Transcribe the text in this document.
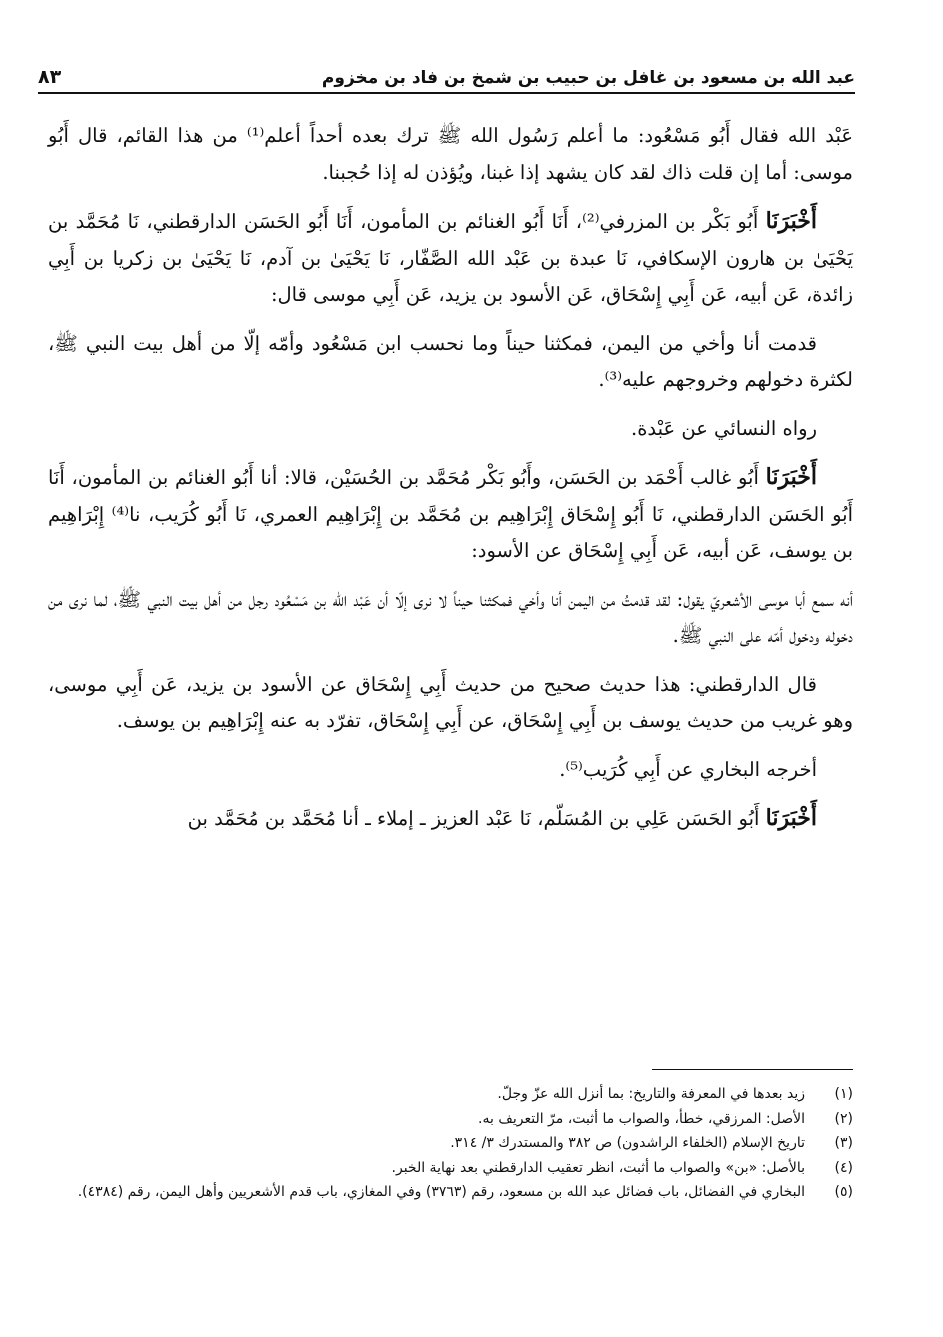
عبد الله بن مسعود بن غافل بن حبيب بن شمخ بن فاد بن مخزوم
٨٣

عَبْد الله فقال أَبُو مَسْعُود: ما أعلم رَسُول الله ﷺ ترك بعده أحداً أعلم⁽¹⁾ من هذا القائم، قال أَبُو موسى: أما إن قلت ذاك لقد كان يشهد إذا غبنا، ويُؤذن له إذا حُجبنا.

أَخْبَرَنَا أَبُو بَكْر بن المزرفي⁽²⁾، أَنَا أَبُو الغنائم بن المأمون، أَنَا أَبُو الحَسَن الدارقطني، نَا مُحَمَّد بن يَحْيَىٰ بن هارون الإسكافي، نَا عبدة بن عَبْد الله الصَّفّار، نَا يَحْيَىٰ بن آدم، نَا يَحْيَىٰ بن زكريا بن أَبِي زائدة، عَن أبيه، عَن أَبِي إِسْحَاق، عَن الأسود بن يزيد، عَن أَبِي موسى قال:

قدمت أنا وأخي من اليمن، فمكثنا حيناً وما نحسب ابن مَسْعُود وأمّه إلّا من أهل بيت النبي ﷺ، لكثرة دخولهم وخروجهم عليه⁽³⁾.

رواه النسائي عن عَبْدة.

أَخْبَرَنَا أَبُو غالب أَحْمَد بن الحَسَن، وأَبُو بَكْر مُحَمَّد بن الحُسَيْن، قالا: أنا أَبُو الغنائم بن المأمون، أَنَا أَبُو الحَسَن الدارقطني، نَا أَبُو إِسْحَاق إِبْرَاهِيم بن مُحَمَّد بن إِبْرَاهِيم العمري، نَا أَبُو كُرَيب، نا⁽⁴⁾ إِبْرَاهِيم بن يوسف، عَن أبيه، عَن أَبِي إِسْحَاق عن الأسود:

أنه سمع أبا موسى الأشعريّ يقول: لقد قدمتُ من اليمن أنا وأخي فمكثنا حيناً لا نرى إلّا أن عَبْد الله بن مَسْعُود رجل من أهل بيت النبي ﷺ، لما نرى من دخوله ودخول أمّه على النبي ﷺ.

قال الدارقطني: هذا حديث صحيح من حديث أَبِي إِسْحَاق عن الأسود بن يزيد، عَن أَبِي موسى، وهو غريب من حديث يوسف بن أَبِي إِسْحَاق، عن أَبِي إِسْحَاق، تفرّد به عنه إِبْرَاهِيم بن يوسف.

أخرجه البخاري عن أَبِي كُرَيب⁽⁵⁾.

أَخْبَرَنَا أَبُو الحَسَن عَلِي بن المُسَلّم، نَا عَبْد العزيز ـ إملاء ـ أنا مُحَمَّد بن مُحَمَّد بن

(١)
زيد بعدها في المعرفة والتاريخ: بما أنزل الله عزّ وجلّ.
(٢)
الأصل: المرزقي، خطأ، والصواب ما أثبت، مرّ التعريف به.
(٣)
تاريخ الإسلام (الخلفاء الراشدون) ص ٣٨٢ والمستدرك ٣/ ٣١٤.
(٤)
بالأصل: «بن» والصواب ما أثبت، انظر تعقيب الدارقطني بعد نهاية الخبر.
(٥)
البخاري في الفضائل، باب فضائل عبد الله بن مسعود، رقم (٣٧٦٣) وفي المغازي، باب قدم الأشعريين وأهل اليمن، رقم (٤٣٨٤).
